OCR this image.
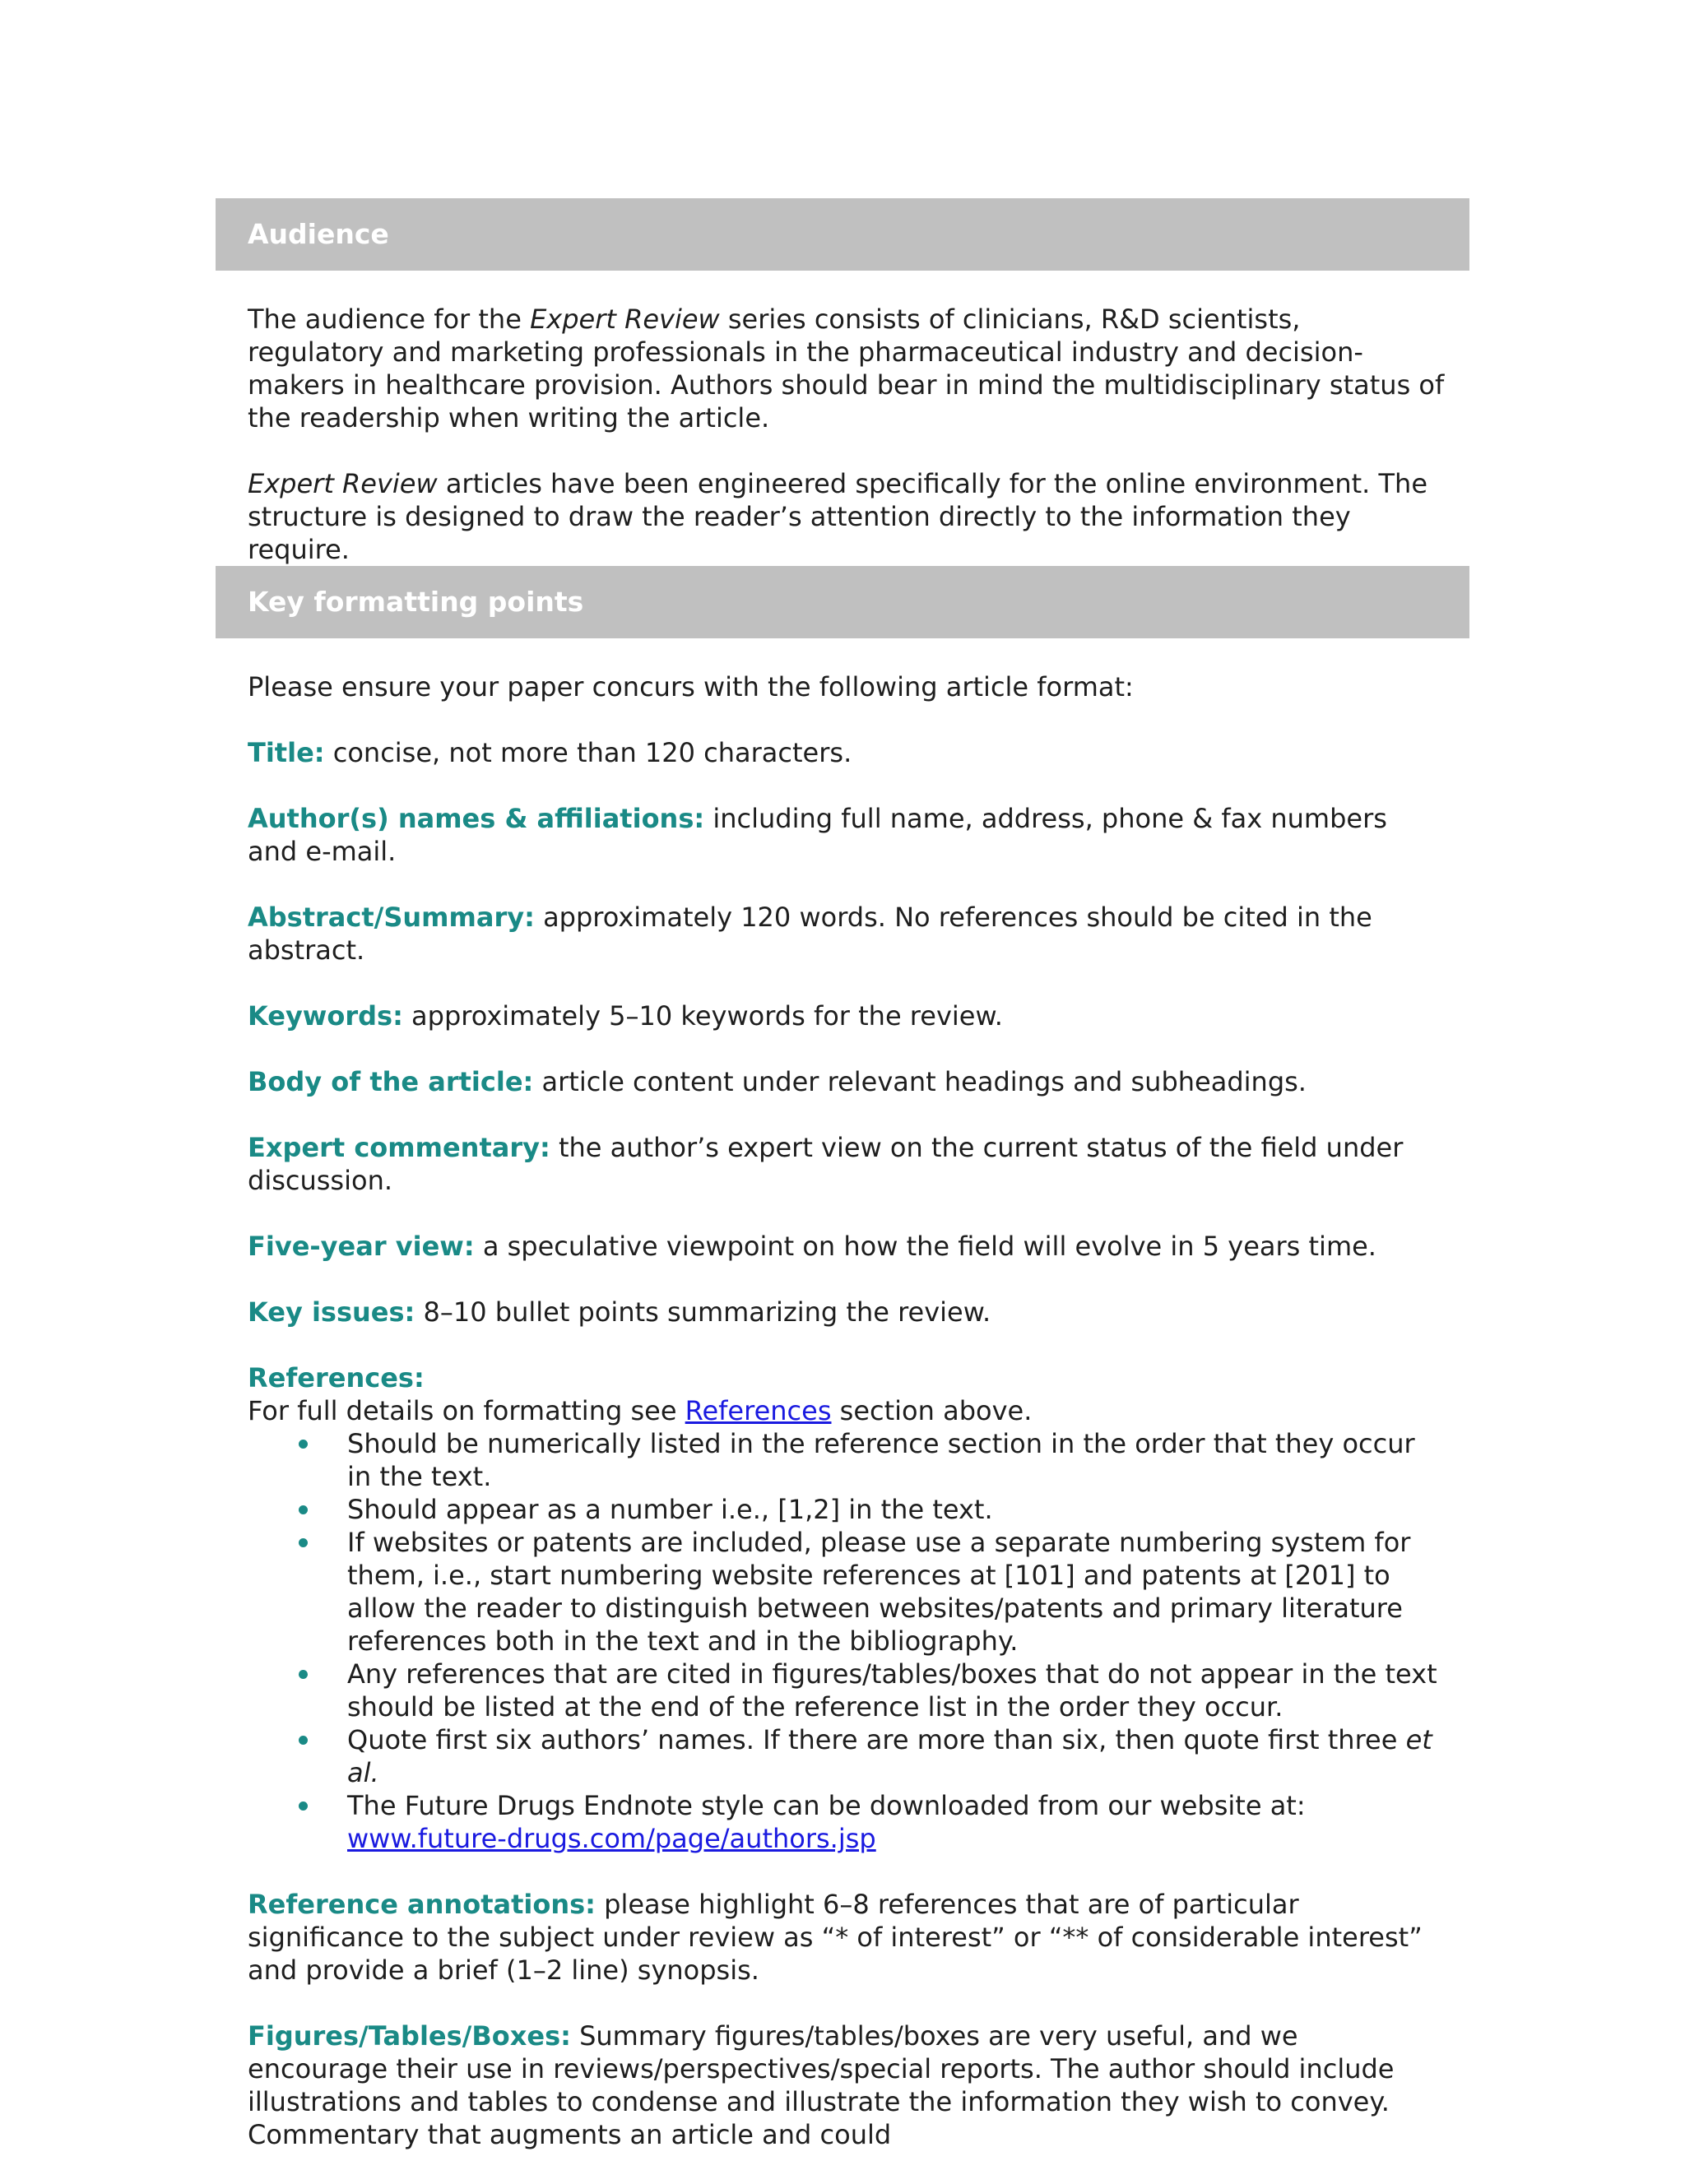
Audience

The audience for the Expert Review series consists of clinicians, R&D scientists, regulatory and marketing professionals in the pharmaceutical industry and decision-makers in healthcare provision. Authors should bear in mind the multidisciplinary status of the readership when writing the article.

Expert Review articles have been engineered specifically for the online environment. The structure is designed to draw the reader’s attention directly to the information they require.

Key formatting points

Please ensure your paper concurs with the following article format:

Title: concise, not more than 120 characters.

Author(s) names & affiliations: including full name, address, phone & fax numbers and e-mail.

Abstract/Summary: approximately 120 words. No references should be cited in the abstract.

Keywords: approximately 5–10 keywords for the review.

Body of the article: article content under relevant headings and subheadings.

Expert commentary: the author’s expert view on the current status of the field under discussion.

Five-year view: a speculative viewpoint on how the field will evolve in 5 years time.

Key issues: 8–10 bullet points summarizing the review.

References:

For full details on formatting see References section above.

Should be numerically listed in the reference section in the order that they occur in the text.
Should appear as a number i.e., [1,2] in the text.
If websites or patents are included, please use a separate numbering system for them, i.e., start numbering website references at [101] and patents at [201] to allow the reader to distinguish between websites/patents and primary literature references both in the text and in the bibliography.
Any references that are cited in figures/tables/boxes that do not appear in the text should be listed at the end of the reference list in the order they occur.
Quote first six authors’ names. If there are more than six, then quote first three et al.
The Future Drugs Endnote style can be downloaded from our website at:
www.future-drugs.com/page/authors.jsp

Reference annotations: please highlight 6–8 references that are of particular significance to the subject under review as “* of interest” or “** of considerable interest” and provide a brief (1–2 line) synopsis.

Figures/Tables/Boxes: Summary figures/tables/boxes are very useful, and we encourage their use in reviews/perspectives/special reports. The author should include illustrations and tables to condense and illustrate the information they wish to convey. Commentary that augments an article and could
